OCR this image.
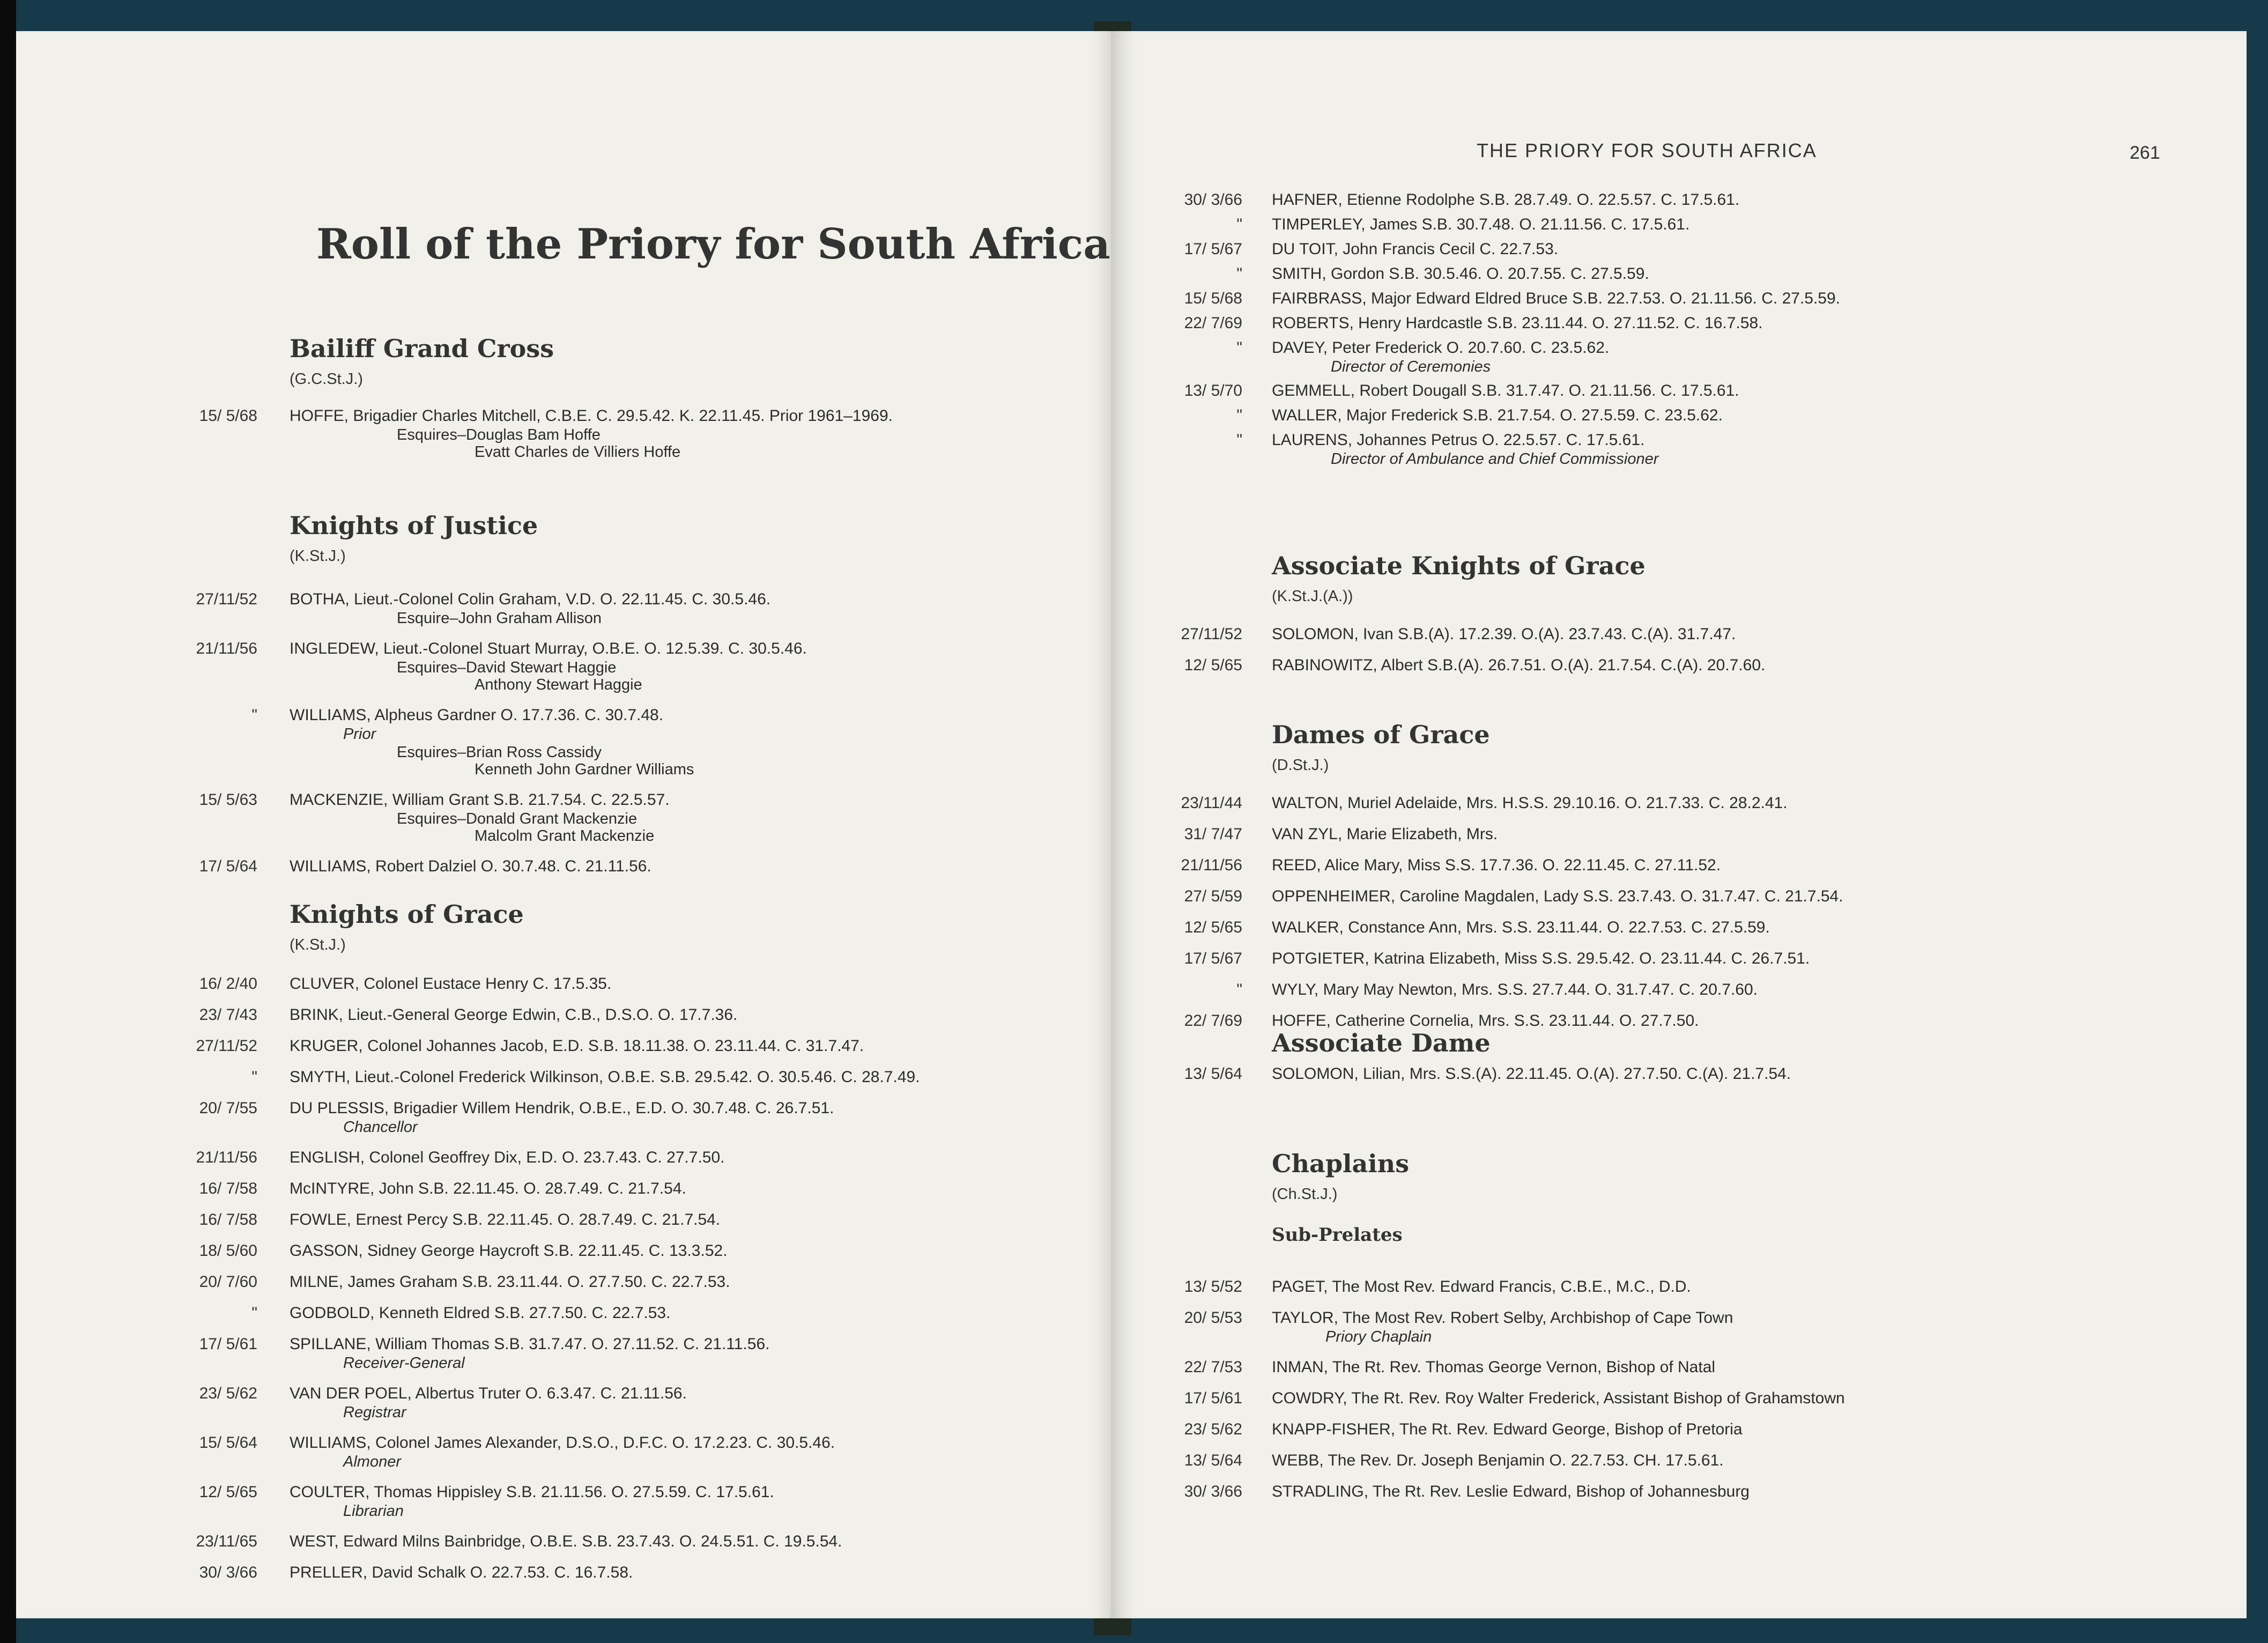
Roll of the Priory for South Africa
Bailiff Grand Cross
(G.C.St.J.)
15/ 5/68 HOFFE, Brigadier Charles Mitchell, C.B.E. C. 29.5.42. K. 22.11.45. Prior 1961–1969.
Esquires–Douglas Bam Hoffe
Evatt Charles de Villiers Hoffe
Knights of Justice
(K.St.J.)
27/11/52 BOTHA, Lieut.-Colonel Colin Graham, V.D. O. 22.11.45. C. 30.5.46.
Esquire–John Graham Allison
21/11/56 INGLEDEW, Lieut.-Colonel Stuart Murray, O.B.E. O. 12.5.39. C. 30.5.46.
Esquires–David Stewart Haggie
Anthony Stewart Haggie
" WILLIAMS, Alpheus Gardner O. 17.7.36. C. 30.7.48.
Prior
Esquires–Brian Ross Cassidy
Kenneth John Gardner Williams
15/ 5/63 MACKENZIE, William Grant S.B. 21.7.54. C. 22.5.57.
Esquires–Donald Grant Mackenzie
Malcolm Grant Mackenzie
17/ 5/64 WILLIAMS, Robert Dalziel O. 30.7.48. C. 21.11.56.
Knights of Grace
(K.St.J.)
16/ 2/40 CLUVER, Colonel Eustace Henry C. 17.5.35.
23/ 7/43 BRINK, Lieut.-General George Edwin, C.B., D.S.O. O. 17.7.36.
27/11/52 KRUGER, Colonel Johannes Jacob, E.D. S.B. 18.11.38. O. 23.11.44. C. 31.7.47.
" SMYTH, Lieut.-Colonel Frederick Wilkinson, O.B.E. S.B. 29.5.42. O. 30.5.46. C. 28.7.49.
20/ 7/55 DU PLESSIS, Brigadier Willem Hendrik, O.B.E., E.D. O. 30.7.48. C. 26.7.51.
Chancellor
21/11/56 ENGLISH, Colonel Geoffrey Dix, E.D. O. 23.7.43. C. 27.7.50.
16/ 7/58 McINTYRE, John S.B. 22.11.45. O. 28.7.49. C. 21.7.54.
16/ 7/58 FOWLE, Ernest Percy S.B. 22.11.45. O. 28.7.49. C. 21.7.54.
18/ 5/60 GASSON, Sidney George Haycroft S.B. 22.11.45. C. 13.3.52.
20/ 7/60 MILNE, James Graham S.B. 23.11.44. O. 27.7.50. C. 22.7.53.
" GODBOLD, Kenneth Eldred S.B. 27.7.50. C. 22.7.53.
17/ 5/61 SPILLANE, William Thomas S.B. 31.7.47. O. 27.11.52. C. 21.11.56.
Receiver-General
23/ 5/62 VAN DER POEL, Albertus Truter O. 6.3.47. C. 21.11.56.
Registrar
15/ 5/64 WILLIAMS, Colonel James Alexander, D.S.O., D.F.C. O. 17.2.23. C. 30.5.46.
Almoner
12/ 5/65 COULTER, Thomas Hippisley S.B. 21.11.56. O. 27.5.59. C. 17.5.61.
Librarian
23/11/65 WEST, Edward Milns Bainbridge, O.B.E. S.B. 23.7.43. O. 24.5.51. C. 19.5.54.
30/ 3/66 PRELLER, David Schalk O. 22.7.53. C. 16.7.58.
THE PRIORY FOR SOUTH AFRICA	261
30/ 3/66 HAFNER, Etienne Rodolphe S.B. 28.7.49. O. 22.5.57. C. 17.5.61.
" TIMPERLEY, James S.B. 30.7.48. O. 21.11.56. C. 17.5.61.
17/ 5/67 DU TOIT, John Francis Cecil C. 22.7.53.
" SMITH, Gordon S.B. 30.5.46. O. 20.7.55. C. 27.5.59.
15/ 5/68 FAIRBRASS, Major Edward Eldred Bruce S.B. 22.7.53. O. 21.11.56. C. 27.5.59.
22/ 7/69 ROBERTS, Henry Hardcastle S.B. 23.11.44. O. 27.11.52. C. 16.7.58.
" DAVEY, Peter Frederick O. 20.7.60. C. 23.5.62.
Director of Ceremonies
13/ 5/70 GEMMELL, Robert Dougall S.B. 31.7.47. O. 21.11.56. C. 17.5.61.
" WALLER, Major Frederick S.B. 21.7.54. O. 27.5.59. C. 23.5.62.
" LAURENS, Johannes Petrus O. 22.5.57. C. 17.5.61.
Director of Ambulance and Chief Commissioner
Associate Knights of Grace
(K.St.J.(A.))
27/11/52 SOLOMON, Ivan S.B.(A). 17.2.39. O.(A). 23.7.43. C.(A). 31.7.47.
12/ 5/65 RABINOWITZ, Albert S.B.(A). 26.7.51. O.(A). 21.7.54. C.(A). 20.7.60.
Dames of Grace
(D.St.J.)
23/11/44 WALTON, Muriel Adelaide, Mrs. H.S.S. 29.10.16. O. 21.7.33. C. 28.2.41.
31/ 7/47 VAN ZYL, Marie Elizabeth, Mrs.
21/11/56 REED, Alice Mary, Miss S.S. 17.7.36. O. 22.11.45. C. 27.11.52.
27/ 5/59 OPPENHEIMER, Caroline Magdalen, Lady S.S. 23.7.43. O. 31.7.47. C. 21.7.54.
12/ 5/65 WALKER, Constance Ann, Mrs. S.S. 23.11.44. O. 22.7.53. C. 27.5.59.
17/ 5/67 POTGIETER, Katrina Elizabeth, Miss S.S. 29.5.42. O. 23.11.44. C. 26.7.51.
" WYLY, Mary May Newton, Mrs. S.S. 27.7.44. O. 31.7.47. C. 20.7.60.
22/ 7/69 HOFFE, Catherine Cornelia, Mrs. S.S. 23.11.44. O. 27.7.50.
Associate Dame
13/ 5/64 SOLOMON, Lilian, Mrs. S.S.(A). 22.11.45. O.(A). 27.7.50. C.(A). 21.7.54.
Chaplains
(Ch.St.J.)
Sub-Prelates
13/ 5/52 PAGET, The Most Rev. Edward Francis, C.B.E., M.C., D.D.
20/ 5/53 TAYLOR, The Most Rev. Robert Selby, Archbishop of Cape Town
Priory Chaplain
22/ 7/53 INMAN, The Rt. Rev. Thomas George Vernon, Bishop of Natal
17/ 5/61 COWDRY, The Rt. Rev. Roy Walter Frederick, Assistant Bishop of Grahamstown
23/ 5/62 KNAPP-FISHER, The Rt. Rev. Edward George, Bishop of Pretoria
13/ 5/64 WEBB, The Rev. Dr. Joseph Benjamin O. 22.7.53. CH. 17.5.61.
30/ 3/66 STRADLING, The Rt. Rev. Leslie Edward, Bishop of Johannesburg
